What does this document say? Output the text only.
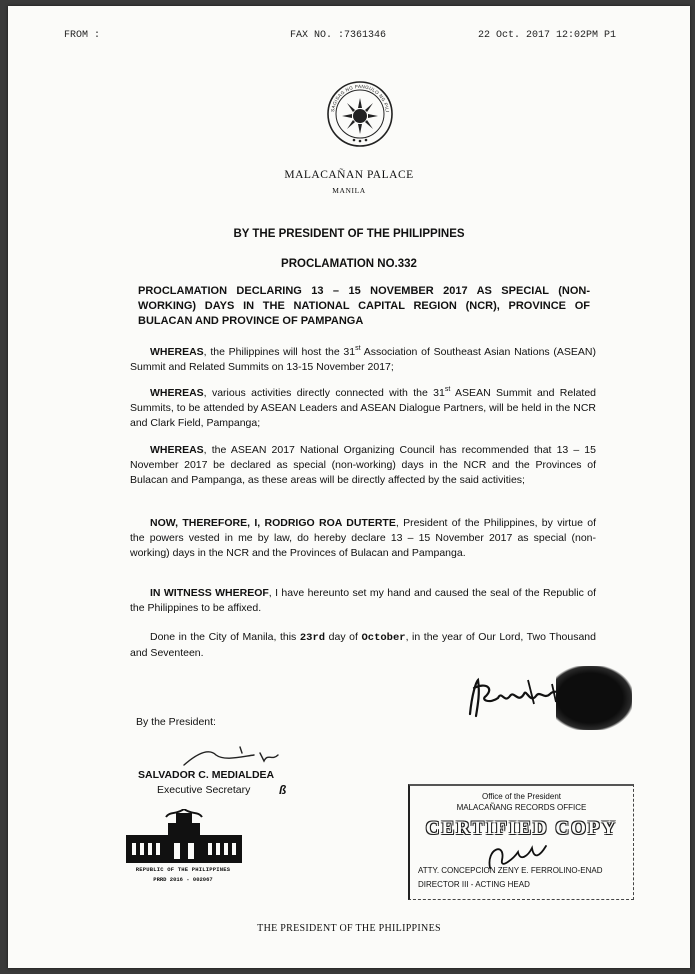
FROM :	FAX NO. :7361346	22 Oct. 2017 12:02PM P1
SAGISAG NG PANGULO NG PILI
MALACAÑAN PALACE
MANILA
BY THE PRESIDENT OF THE PHILIPPINES
PROCLAMATION NO.332
PROCLAMATION DECLARING 13 – 15 NOVEMBER 2017 AS SPECIAL (NON-WORKING) DAYS IN THE NATIONAL CAPITAL REGION (NCR), PROVINCE OF BULACAN AND PROVINCE OF PAMPANGA

WHEREAS, the Philippines will host the 31st Association of Southeast Asian Nations (ASEAN) Summit and Related Summits on 13-15 November 2017;

WHEREAS, various activities directly connected with the 31st ASEAN Summit and Related Summits, to be attended by ASEAN Leaders and ASEAN Dialogue Partners, will be held in the NCR and Clark Field, Pampanga;

WHEREAS, the ASEAN 2017 National Organizing Council has recommended that 13 – 15 November 2017 be declared as special (non-working) days in the NCR and the Provinces of Bulacan and Pampanga, as these areas will be directly affected by the said activities;

NOW, THEREFORE, I, RODRIGO ROA DUTERTE, President of the Philippines, by virtue of the powers vested in me by law, do hereby declare 13 – 15 November 2017 as special (non-working) days in the NCR and the Provinces of Bulacan and Pampanga.

IN WITNESS WHEREOF, I have hereunto set my hand and caused the seal of the Republic of the Philippines to be affixed.

Done in the City of Manila, this 23rd day of October, in the year of Our Lord, Two Thousand and Seventeen.

By the President:
SALVADOR C. MEDIALDEA
Executive Secretary ß
REPUBLIC OF THE PHILIPPINES
PRRD 2016 - 002067
Office of the President
MALACAÑANG RECORDS OFFICE
CERTIFIED COPY
ATTY. CONCEPCION ZENY E. FERROLINO-ENAD
DIRECTOR III - ACTING HEAD
THE PRESIDENT OF THE PHILIPPINES
